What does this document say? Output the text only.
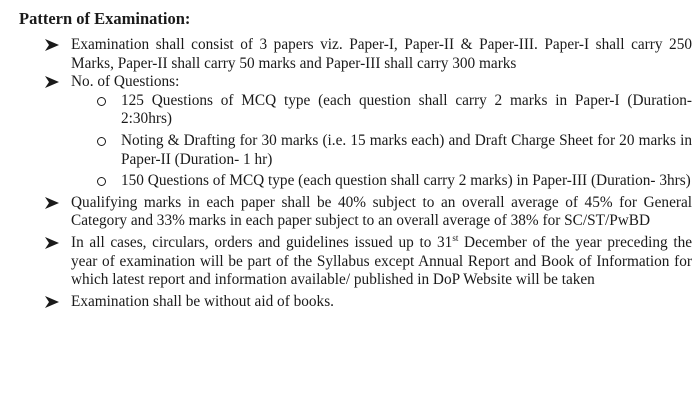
Pattern of Examination:
Examination shall consist of 3 papers viz. Paper-I, Paper-II & Paper-III. Paper-I shall carry 250 Marks, Paper-II shall carry 50 marks and Paper-III shall carry 300 marks
No. of Questions:
125 Questions of MCQ type (each question shall carry 2 marks in Paper-I (Duration- 2:30hrs)
Noting & Drafting for 30 marks (i.e. 15 marks each) and Draft Charge Sheet for 20 marks in Paper-II (Duration- 1 hr)
150 Questions of MCQ type (each question shall carry 2 marks) in Paper-III (Duration- 3hrs)
Qualifying marks in each paper shall be 40% subject to an overall average of 45% for General Category and 33% marks in each paper subject to an overall average of 38% for SC/ST/PwBD
In all cases, circulars, orders and guidelines issued up to 31st December of the year preceding the year of examination will be part of the Syllabus except Annual Report and Book of Information for which latest report and information available/ published in DoP Website will be taken
Examination shall be without aid of books.
